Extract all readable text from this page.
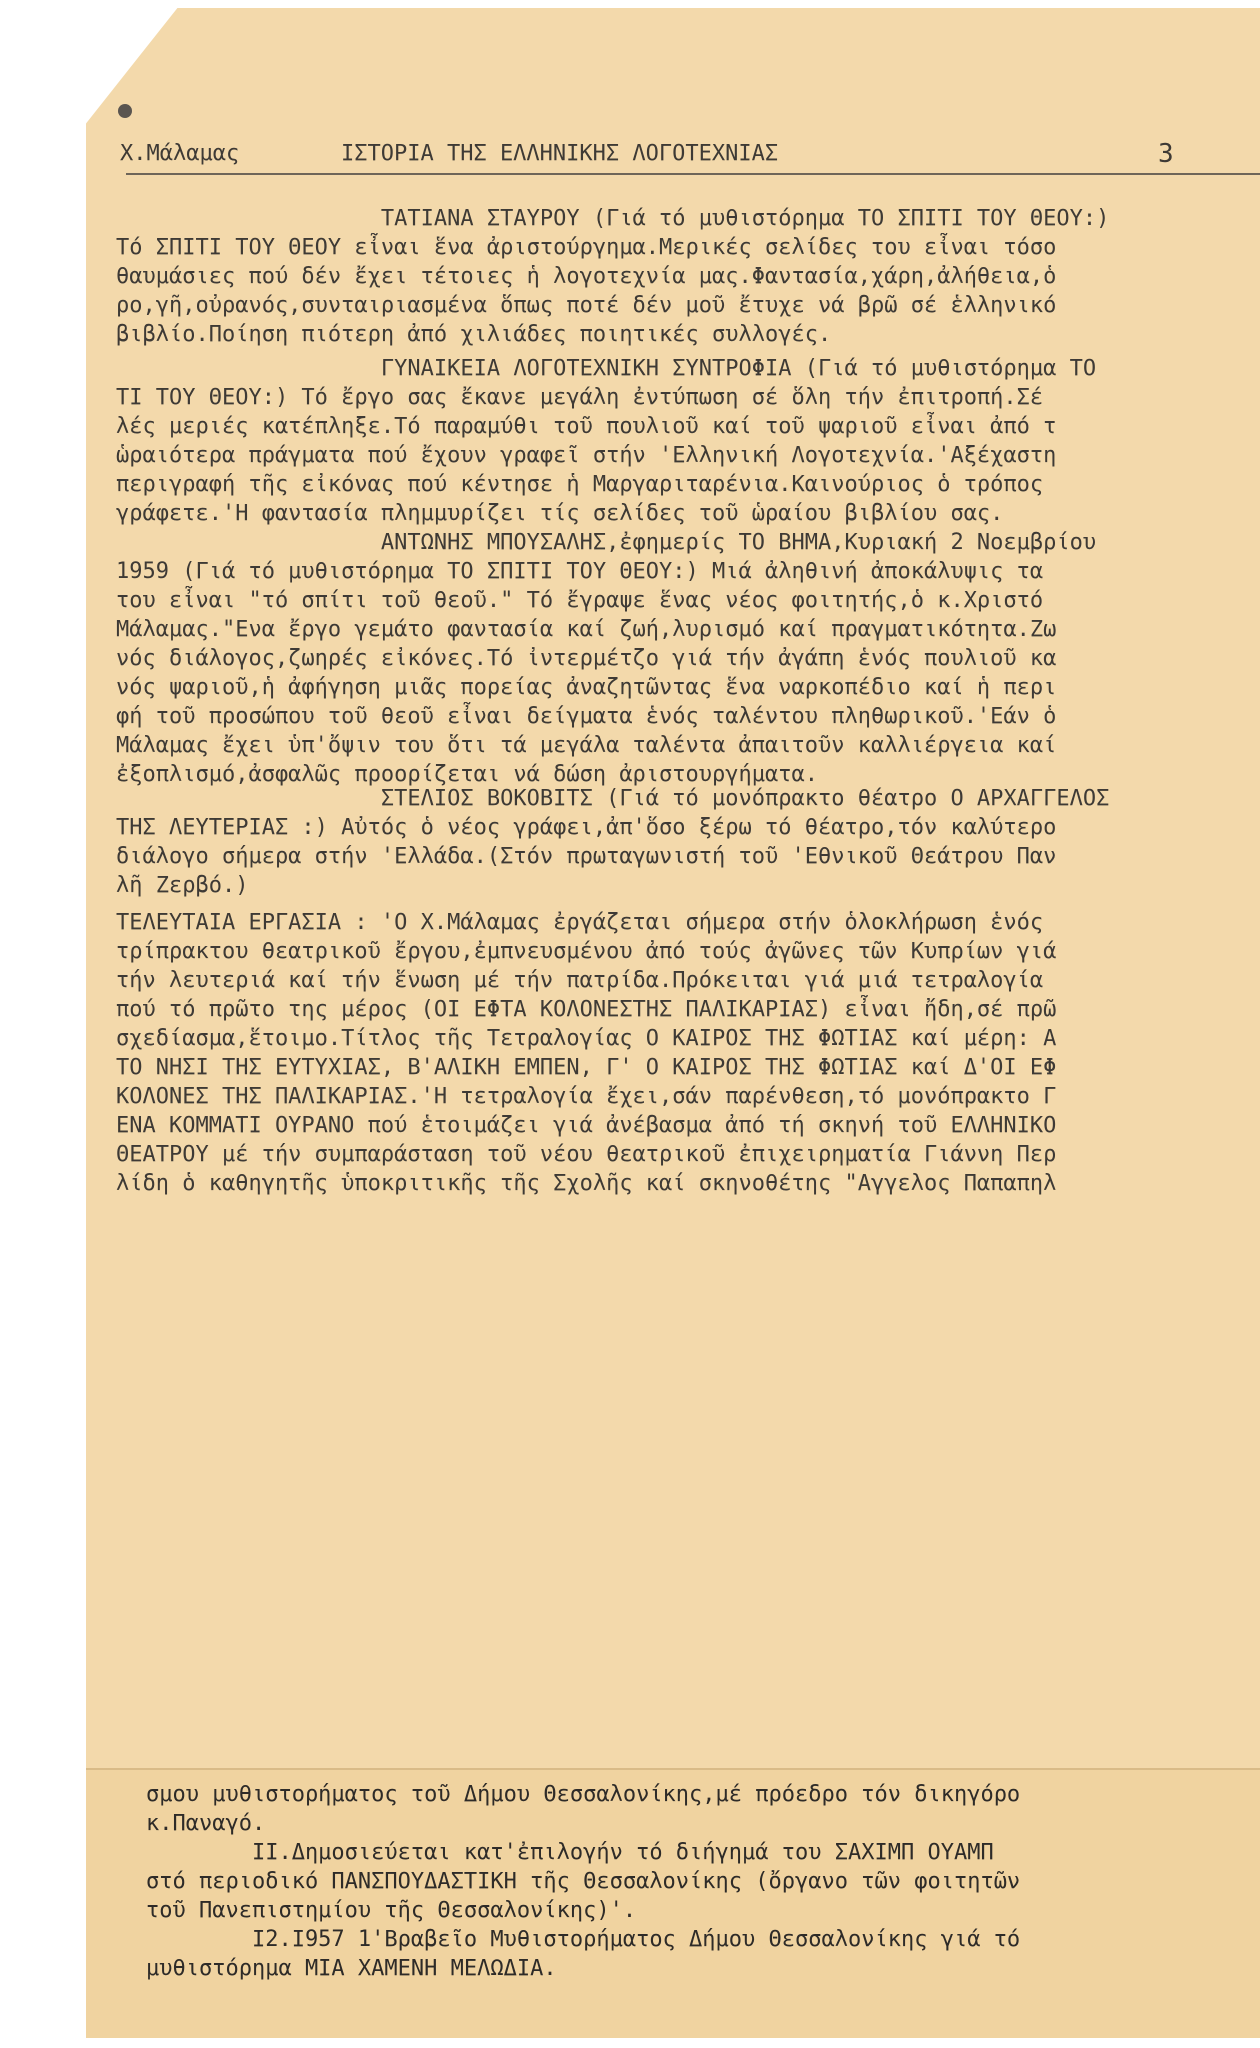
Χ.Μάλαμας	ΙΣΤΟΡΙΑ ΤΗΣ ΕΛΛΗΝΙΚΗΣ ΛΟΓΟΤΕΧΝΙΑΣ	3
ΤΑΤΙΑΝΑ ΣΤΑΥΡΟΥ (Γιά τό μυθιστόρημα ΤΟ ΣΠΙΤΙ ΤΟΥ ΘΕΟΥ:)
Τό ΣΠΙΤΙ ΤΟΥ ΘΕΟΥ εἶναι ἕνα ἀριστούργημα.Μερικές σελίδες του εἶναι τόσο
θαυμάσιες πού δέν ἔχει τέτοιες ἡ λογοτεχνία μας.Φαντασία,χάρη,ἀλήθεια,ὁ
ρο,γῆ,οὐρανός,συνταιριασμένα ὅπως ποτέ δέν μοῦ ἔτυχε νά βρῶ σέ ἑλληνικό
βιβλίο.Ποίηση πιότερη ἀπό χιλιάδες ποιητικές συλλογές.
ΓΥΝΑΙΚΕΙΑ ΛΟΓΟΤΕΧΝΙΚΗ ΣΥΝΤΡΟΦΙΑ (Γιά τό μυθιστόρημα ΤΟ
ΤΙ ΤΟΥ ΘΕΟΥ:) Τό ἔργο σας ἔκανε μεγάλη ἐντύπωση σέ ὅλη τήν ἐπιτροπή.Σέ
λές μεριές κατέπληξε.Τό παραμύθι τοῦ πουλιοῦ καί τοῦ ψαριοῦ εἶναι ἀπό τ
ὡραιότερα πράγματα πού ἔχουν γραφεῖ στήν 'Ελληνική Λογοτεχνία.'Αξέχαστη
περιγραφή τῆς εἰκόνας πού κέντησε ἡ Μαργαριταρένια.Καινούριος ὁ τρόπος
γράφετε.'Η φαντασία πλημμυρίζει τίς σελίδες τοῦ ὡραίου βιβλίου σας.
ΑΝΤΩΝΗΣ ΜΠΟΥΣΑΛΗΣ,ἐφημερίς ΤΟ ΒΗΜΑ,Κυριακή 2 Νοεμβρίου
1959 (Γιά τό μυθιστόρημα ΤΟ ΣΠΙΤΙ ΤΟΥ ΘΕΟΥ:) Μιά ἀληθινή ἀποκάλυψις τα
του εἶναι "τό σπίτι τοῦ θεοῦ." Τό ἔγραψε ἕνας νέος φοιτητής,ὁ κ.Χριστό
Μάλαμας."Ενα ἔργο γεμάτο φαντασία καί ζωή,λυρισμό καί πραγματικότητα.Ζω
νός διάλογος,ζωηρές εἰκόνες.Τό ἰντερμέτζο γιά τήν ἀγάπη ἑνός πουλιοῦ κα
νός ψαριοῦ,ἡ ἀφήγηση μιᾶς πορείας ἀναζητῶντας ἕνα ναρκοπέδιο καί ἡ περι
φή τοῦ προσώπου τοῦ θεοῦ εἶναι δείγματα ἑνός ταλέντου πληθωρικοῦ.'Εάν ὁ
Μάλαμας ἔχει ὑπ'ὄψιν του ὅτι τά μεγάλα ταλέντα ἀπαιτοῦν καλλιέργεια καί
ἐξοπλισμό,ἀσφαλῶς προορίζεται νά δώση ἀριστουργήματα.
ΣΤΕΛΙΟΣ ΒΟΚΟΒΙΤΣ (Γιά τό μονόπρακτο θέατρο Ο ΑΡΧΑΓΓΕΛΟΣ
ΤΗΣ ΛΕΥΤΕΡΙΑΣ :) Αὐτός ὁ νέος γράφει,ἀπ'ὅσο ξέρω τό θέατρο,τόν καλύτερο
διάλογο σήμερα στήν 'Ελλάδα.(Στόν πρωταγωνιστή τοῦ 'Εθνικοῦ Θεάτρου Παν
λῆ Ζερβό.)
ΤΕΛΕΥΤΑΙΑ ΕΡΓΑΣΙΑ : 'Ο Χ.Μάλαμας ἐργάζεται σήμερα στήν ὁλοκλήρωση ἑνός
τρίπρακτου θεατρικοῦ ἔργου,ἐμπνευσμένου ἀπό τούς ἀγῶνες τῶν Κυπρίων γιά
τήν λευτεριά καί τήν ἕνωση μέ τήν πατρίδα.Πρόκειται γιά μιά τετραλογία
πού τό πρῶτο της μέρος (ΟΙ ΕΦΤΑ ΚΟΛΟΝΕΣΤΗΣ ΠΑΛΙΚΑΡΙΑΣ) εἶναι ἤδη,σέ πρῶ
σχεδίασμα,ἕτοιμο.Τίτλος τῆς Τετραλογίας Ο ΚΑΙΡΟΣ ΤΗΣ ΦΩΤΙΑΣ καί μέρη: Α
ΤΟ ΝΗΣΙ ΤΗΣ ΕΥΤΥΧΙΑΣ, Β'ΑΛΙΚΗ ΕΜΠΕΝ, Γ' Ο ΚΑΙΡΟΣ ΤΗΣ ΦΩΤΙΑΣ καί Δ'ΟΙ ΕΦ
ΚΟΛΟΝΕΣ ΤΗΣ ΠΑΛΙΚΑΡΙΑΣ.'Η τετραλογία ἔχει,σάν παρένθεση,τό μονόπρακτο Γ
ΕΝΑ ΚΟΜΜΑΤΙ ΟΥΡΑΝΟ πού ἑτοιμάζει γιά ἀνέβασμα ἀπό τή σκηνή τοῦ ΕΛΛΗΝΙΚΟ
ΘΕΑΤΡΟΥ μέ τήν συμπαράσταση τοῦ νέου θεατρικοῦ ἐπιχειρηματία Γιάννη Περ
λίδη ὁ καθηγητῆς ὑποκριτικῆς τῆς Σχολῆς καί σκηνοθέτης "Αγγελος Παπαπηλ
σμου μυθιστορήματος τοῦ Δήμου Θεσσαλονίκης,μέ πρόεδρο τόν δικηγόρο
κ.Παναγό.
ΙΙ.Δημοσιεύεται κατ'ἐπιλογήν τό διήγημά του ΣΑΧΙΜΠ ΟΥΑΜΠ
στό περιοδικό ΠΑΝΣΠΟΥΔΑΣΤΙΚΗ τῆς Θεσσαλονίκης (ὄργανο τῶν φοιτητῶν
τοῦ Πανεπιστημίου τῆς Θεσσαλονίκης)'.
Ι2.Ι957 1'Βραβεῖο Μυθιστορήματος Δήμου Θεσσαλονίκης γιά τό
μυθιστόρημα ΜΙΑ ΧΑΜΕΝΗ ΜΕΛΩΔΙΑ.
